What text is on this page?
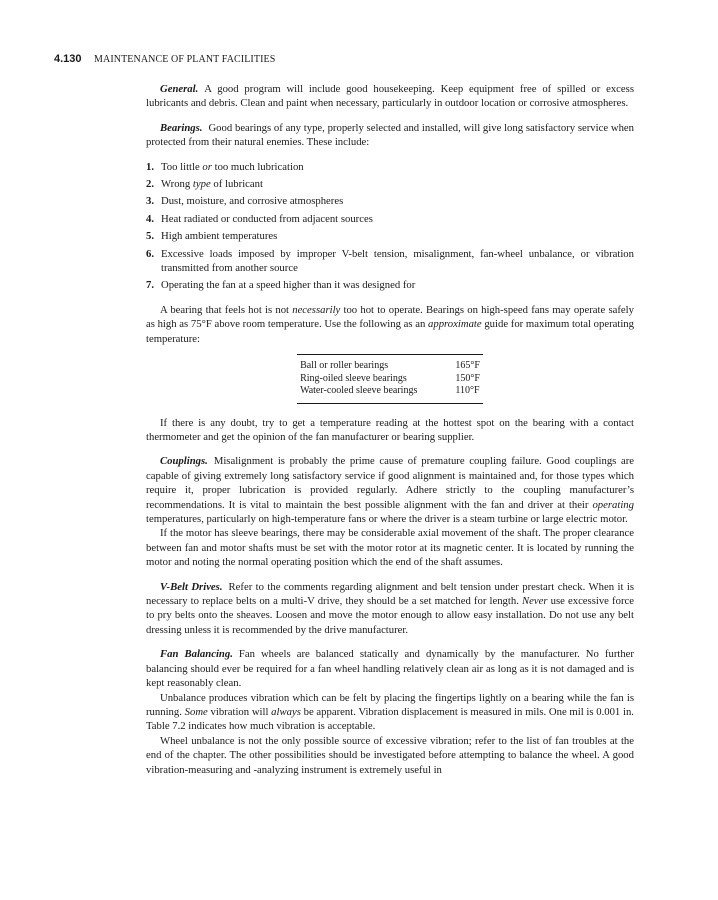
4.130 MAINTENANCE OF PLANT FACILITIES

General. A good program will include good housekeeping. Keep equipment free of spilled or excess lubricants and debris. Clean and paint when necessary, particularly in outdoor location or corrosive atmospheres.

Bearings. Good bearings of any type, properly selected and installed, will give long satisfactory service when protected from their natural enemies. These include:

1. Too little or too much lubrication
2. Wrong type of lubricant
3. Dust, moisture, and corrosive atmospheres
4. Heat radiated or conducted from adjacent sources
5. High ambient temperatures
6. Excessive loads imposed by improper V-belt tension, misalignment, fan-wheel unbalance, or vibration transmitted from another source
7. Operating the fan at a speed higher than it was designed for

A bearing that feels hot is not necessarily too hot to operate. Bearings on high-speed fans may operate safely as high as 75°F above room temperature. Use the following as an approximate guide for maximum total operating temperature:

Ball or roller bearings	165°F
Ring-oiled sleeve bearings	150°F
Water-cooled sleeve bearings	110°F

If there is any doubt, try to get a temperature reading at the hottest spot on the bearing with a contact thermometer and get the opinion of the fan manufacturer or bearing supplier.

Couplings. Misalignment is probably the prime cause of premature coupling failure. Good couplings are capable of giving extremely long satisfactory service if good alignment is maintained and, for those types which require it, proper lubrication is provided regularly. Adhere strictly to the coupling manufacturer’s recommendations. It is vital to maintain the best possible alignment with the fan and driver at their operating temperatures, particularly on high-temperature fans or where the driver is a steam turbine or large electric motor.

If the motor has sleeve bearings, there may be considerable axial movement of the shaft. The proper clearance between fan and motor shafts must be set with the motor rotor at its magnetic center. It is located by running the motor and noting the normal operating position which the end of the shaft assumes.

V-Belt Drives. Refer to the comments regarding alignment and belt tension under prestart check. When it is necessary to replace belts on a multi-V drive, they should be a set matched for length. Never use excessive force to pry belts onto the sheaves. Loosen and move the motor enough to allow easy installation. Do not use any belt dressing unless it is recommended by the drive manufacturer.

Fan Balancing. Fan wheels are balanced statically and dynamically by the manufacturer. No further balancing should ever be required for a fan wheel handling relatively clean air as long as it is not damaged and is kept reasonably clean.

Unbalance produces vibration which can be felt by placing the fingertips lightly on a bearing while the fan is running. Some vibration will always be apparent. Vibration displacement is measured in mils. One mil is 0.001 in. Table 7.2 indicates how much vibration is acceptable.

Wheel unbalance is not the only possible source of excessive vibration; refer to the list of fan troubles at the end of the chapter. The other possibilities should be investigated before attempting to balance the wheel. A good vibration-measuring and -analyzing instrument is extremely useful in
